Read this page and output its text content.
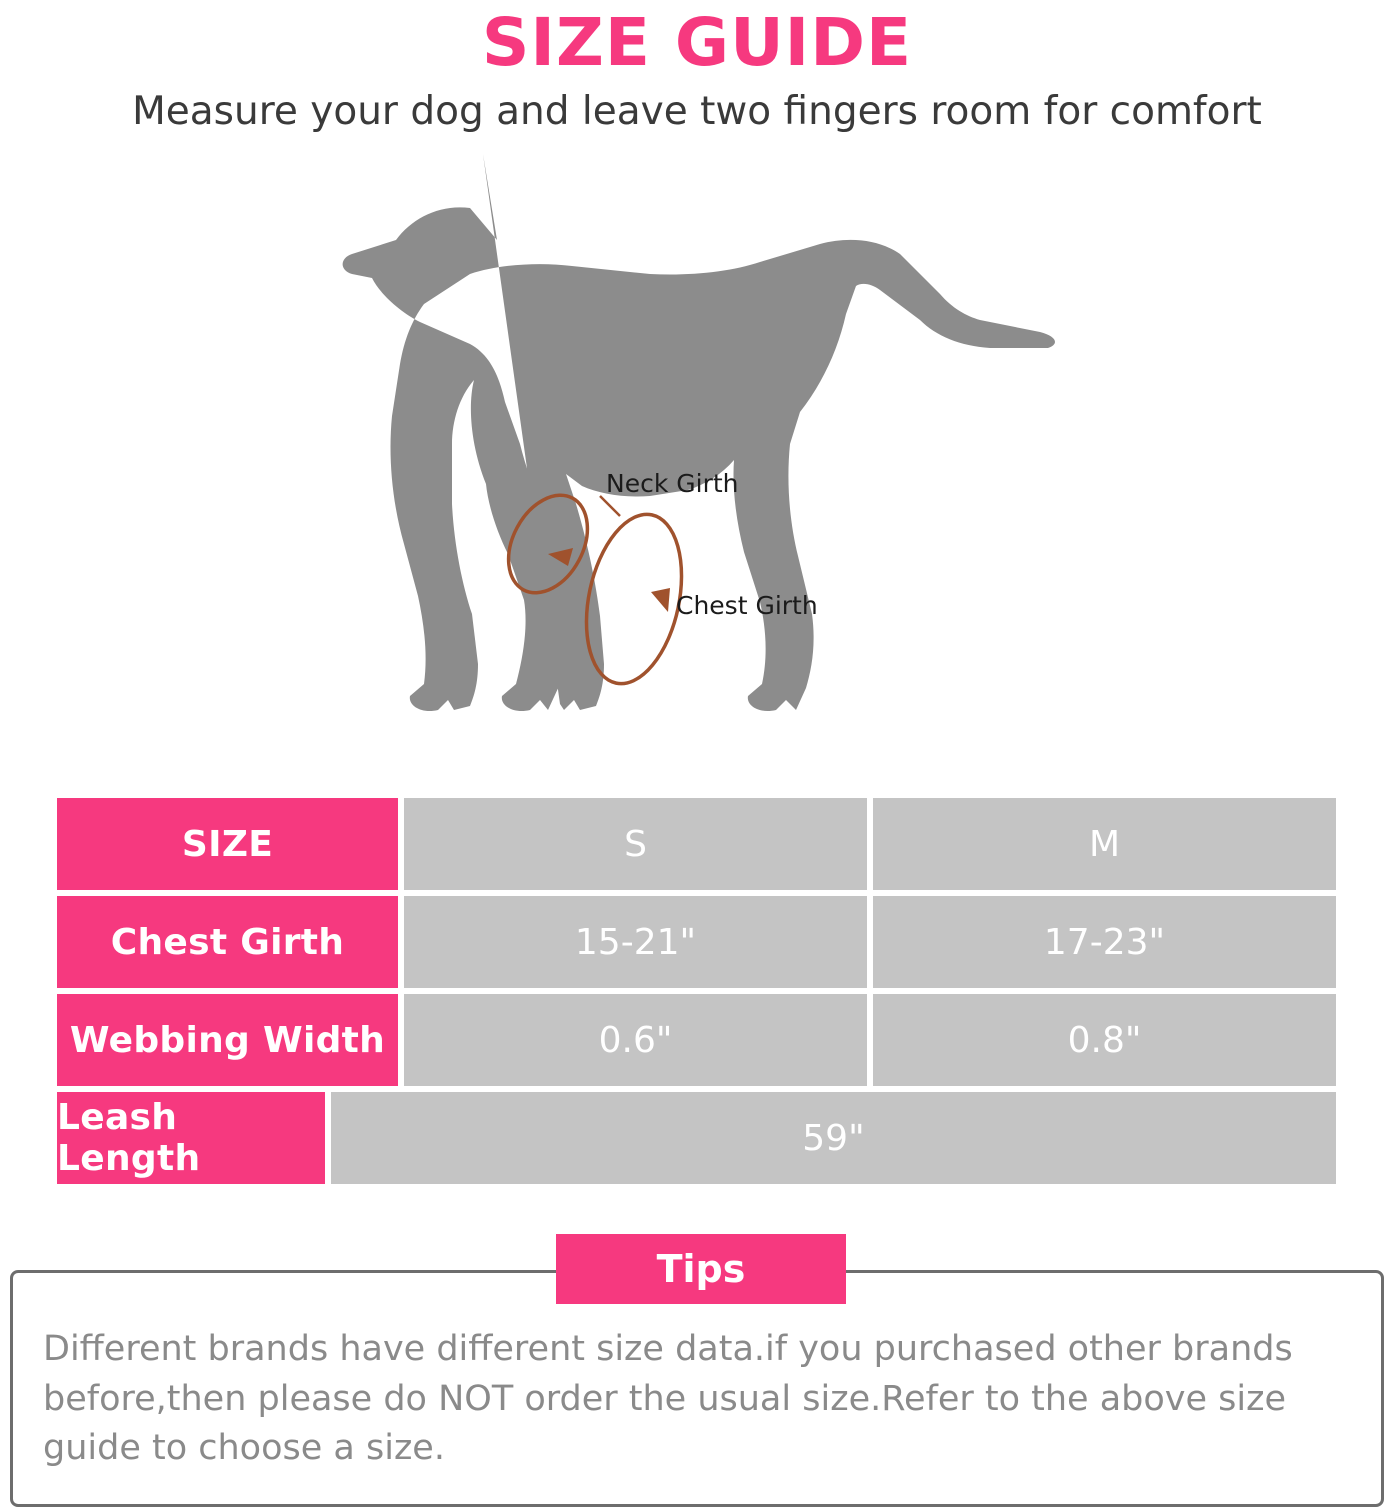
SIZE GUIDE

Measure your dog and leave two fingers room for comfort

Neck Girth
Chest Girth
SIZE	S	M
Chest Girth	15-21"	17-23"
Webbing Width	0.6"	0.8"
Leash Length	59"
Tips

Different brands have different size data.if you purchased other brands before,then please do NOT order the usual size.Refer to the above size guide to choose a size.
